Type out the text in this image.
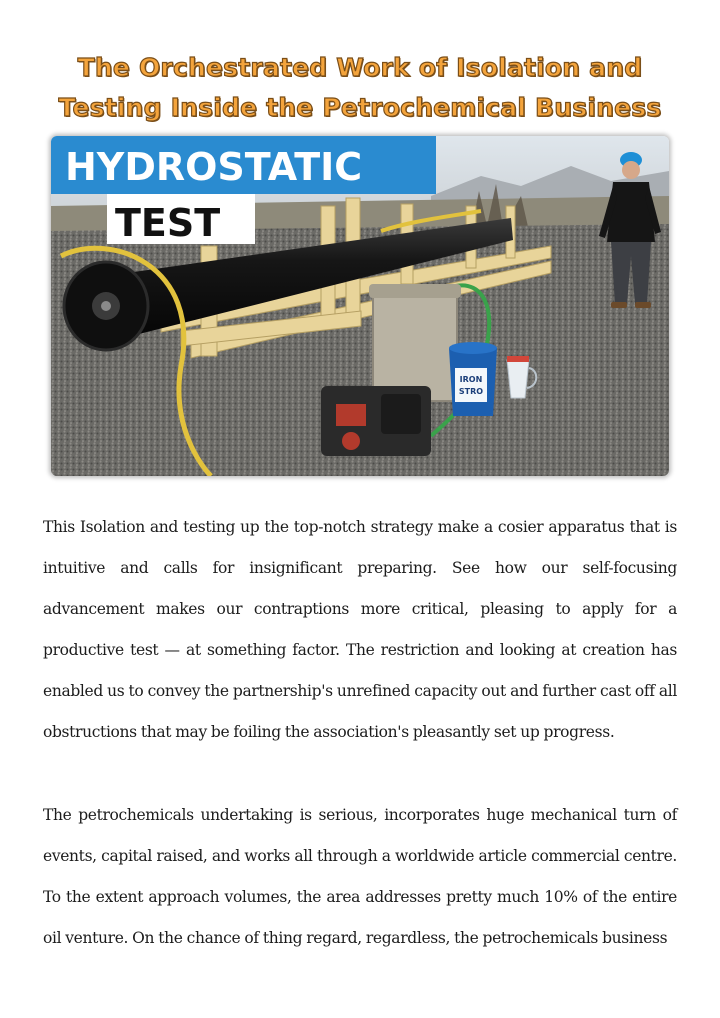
The Orchestrated Work of Isolation and
Testing Inside the Petrochemical Business
IRON
STRO
HYDROSTATIC
TEST

This Isolation and testing up the top-notch strategy make a cosier apparatus that is intuitive and calls for insignificant preparing. See how our self-focusing advancement makes our contraptions more critical, pleasing to apply for a productive test — at something factor. The restriction and looking at creation has enabled us to convey the partnership's unrefined capacity out and further cast off all obstructions that may be foiling the association's pleasantly set up progress.

The petrochemicals undertaking is serious, incorporates huge mechanical turn of events, capital raised, and works all through a worldwide article commercial centre. To the extent approach volumes, the area addresses pretty much 10% of the entire oil venture. On the chance of thing regard, regardless, the petrochemicals business
